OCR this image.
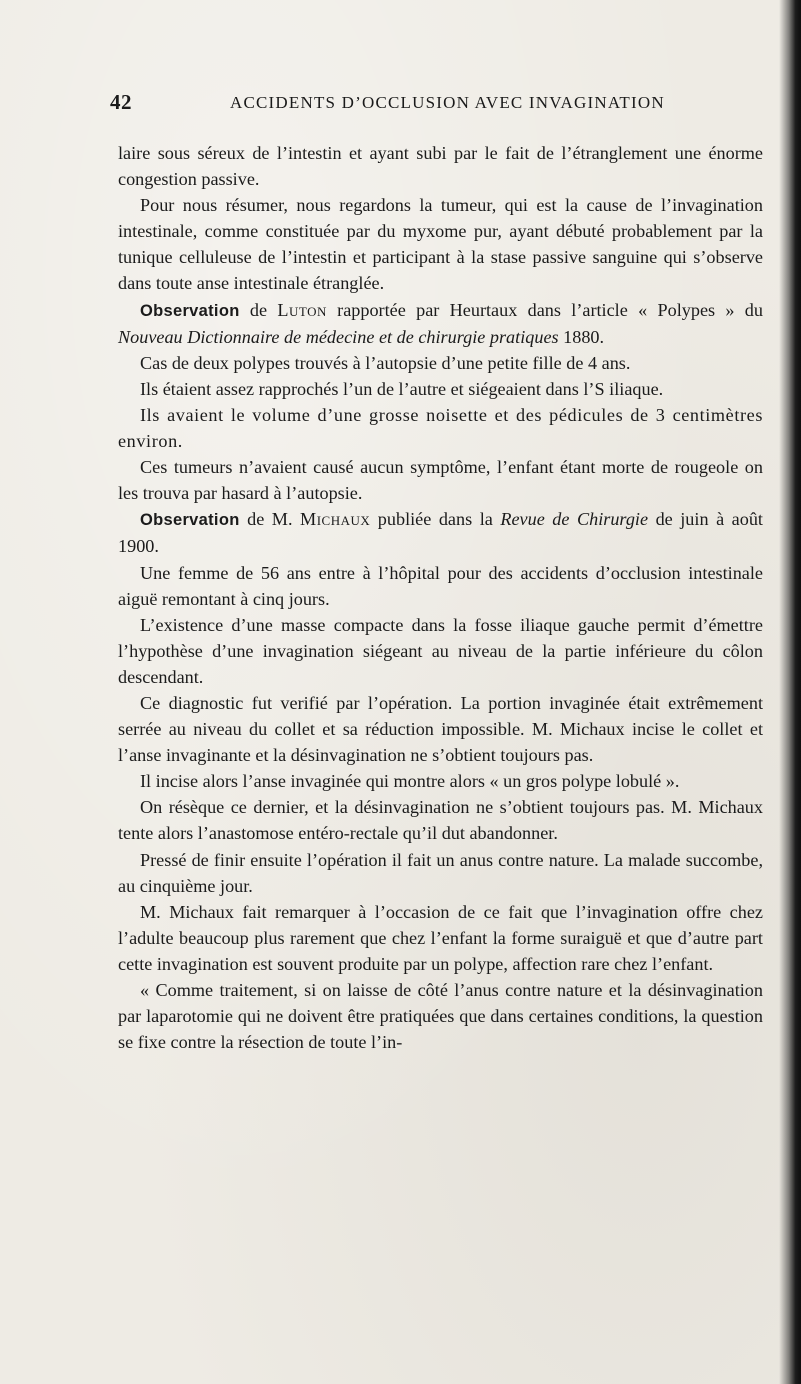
42	ACCIDENTS D’OCCLUSION AVEC INVAGINATION

laire sous séreux de l’intestin et ayant subi par le fait de l’étranglement une énorme congestion passive.

Pour nous résumer, nous regardons la tumeur, qui est la cause de l’invagination intestinale, comme constituée par du myxome pur, ayant débuté probablement par la tunique celluleuse de l’intestin et participant à la stase passive sanguine qui s’observe dans toute anse intestinale étranglée.

Observation de Luton rapportée par Heurtaux dans l’article « Polypes » du Nouveau Dictionnaire de médecine et de chirurgie pratiques 1880.

Cas de deux polypes trouvés à l’autopsie d’une petite fille de 4 ans.

Ils étaient assez rapprochés l’un de l’autre et siégeaient dans l’S iliaque.

Ils avaient le volume d’une grosse noisette et des pédicules de 3 centimètres environ.

Ces tumeurs n’avaient causé aucun symptôme, l’enfant étant morte de rougeole on les trouva par hasard à l’autopsie.

Observation de M. Michaux publiée dans la Revue de Chirurgie de juin à août 1900.

Une femme de 56 ans entre à l’hôpital pour des accidents d’occlusion intestinale aiguë remontant à cinq jours.

L’existence d’une masse compacte dans la fosse iliaque gauche permit d’émettre l’hypothèse d’une invagination siégeant au niveau de la partie inférieure du côlon descendant.

Ce diagnostic fut verifié par l’opération. La portion invaginée était extrêmement serrée au niveau du collet et sa réduction impossible. M. Michaux incise le collet et l’anse invaginante et la désinvagination ne s’obtient toujours pas.

Il incise alors l’anse invaginée qui montre alors « un gros polype lobulé ».

On résèque ce dernier, et la désinvagination ne s’obtient toujours pas. M. Michaux tente alors l’anastomose entéro-rectale qu’il dut abandonner.

Pressé de finir ensuite l’opération il fait un anus contre nature. La malade succombe, au cinquième jour.

M. Michaux fait remarquer à l’occasion de ce fait que l’invagination offre chez l’adulte beaucoup plus rarement que chez l’enfant la forme suraiguë et que d’autre part cette invagination est souvent produite par un polype, affection rare chez l’enfant.

« Comme traitement, si on laisse de côté l’anus contre nature et la désinvagination par laparotomie qui ne doivent être pratiquées que dans certaines conditions, la question se fixe contre la résection de toute l’in-
